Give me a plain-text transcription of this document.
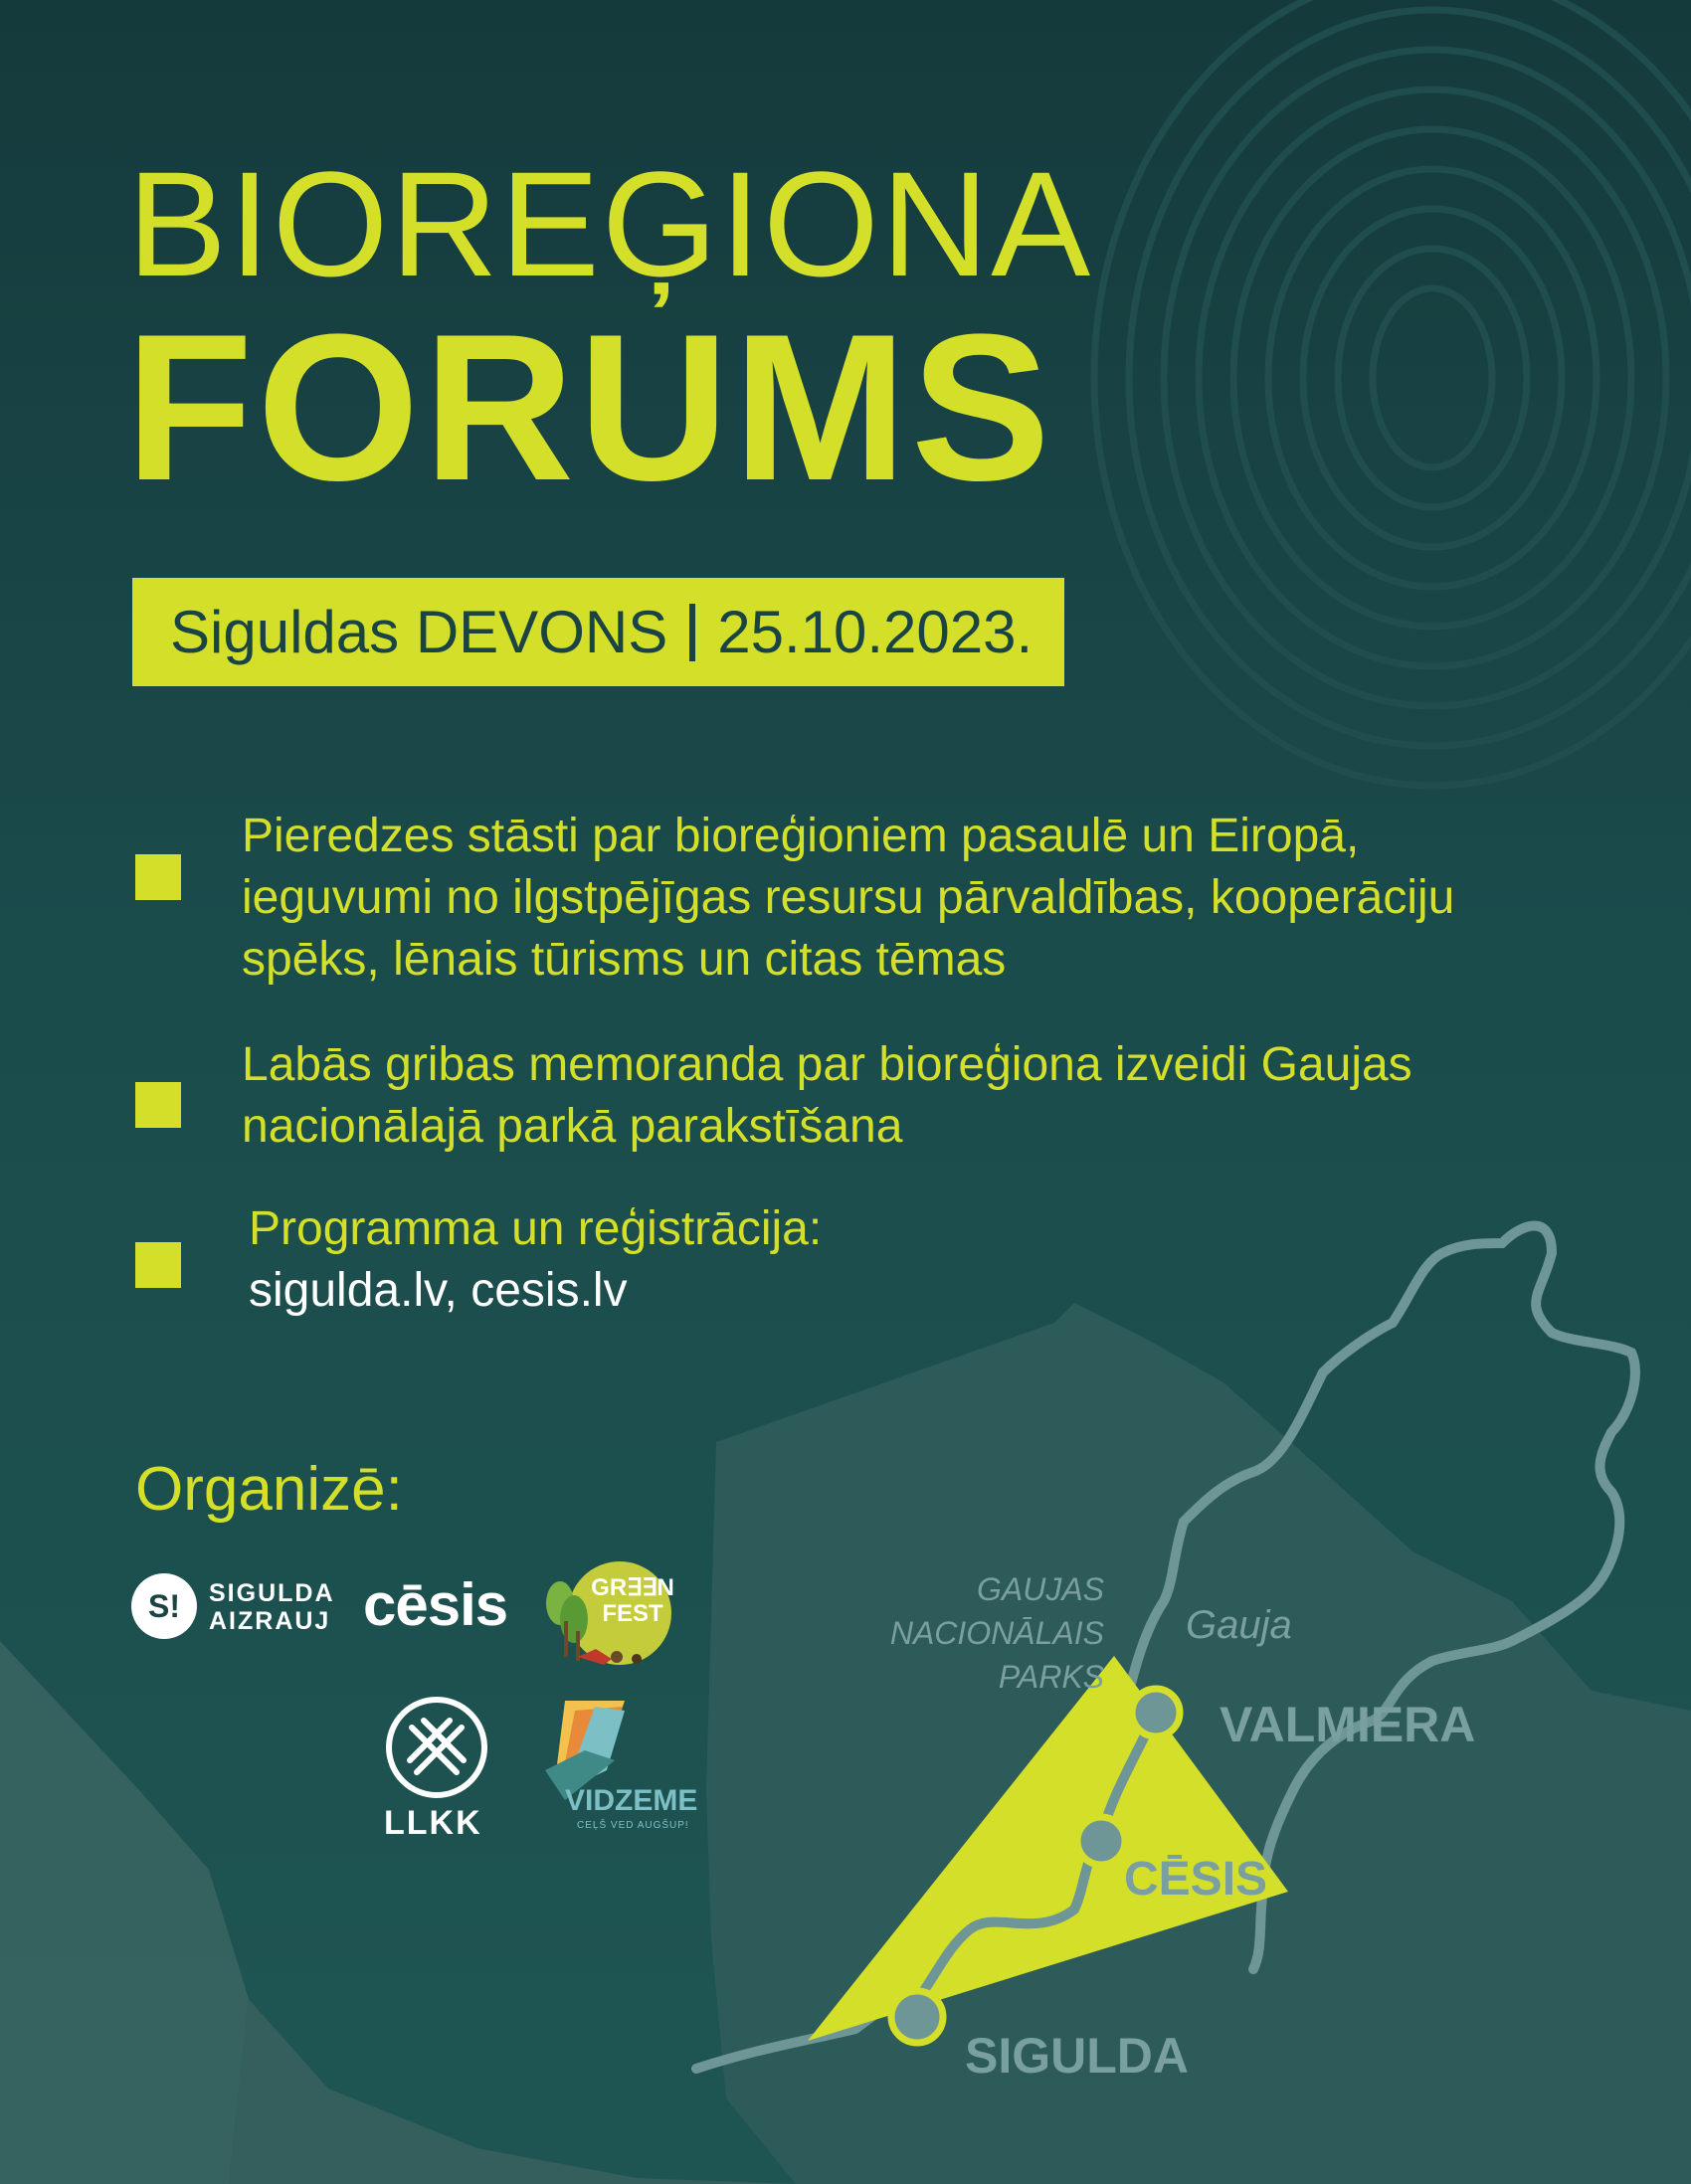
BIOREĢIONA
FORUMS
Siguldas DEVONS 25.10.2023.
Pieredzes stāsti par bioreģioniem pasaulē un Eiropā,
ieguvumi no ilgstpējīgas resursu pārvaldības, kooperāciju
spēks, lēnais tūrisms un citas tēmas
Labās gribas memoranda par bioreģiona izveidi Gaujas
nacionālajā parkā parakstīšana
Programma un reģistrācija:
sigulda.lv, cesis.lv
Organizē:
S!	SIGULDA
AIZRAUJ cēsis	GR∃∃N
FEST
LLKK
VIDZEME
CEĻŠ VED AUGŠUP!
GAUJAS
NACIONĀLAIS
PARKS
Gauja
VALMIERA
CĒSIS
SIGULDA
